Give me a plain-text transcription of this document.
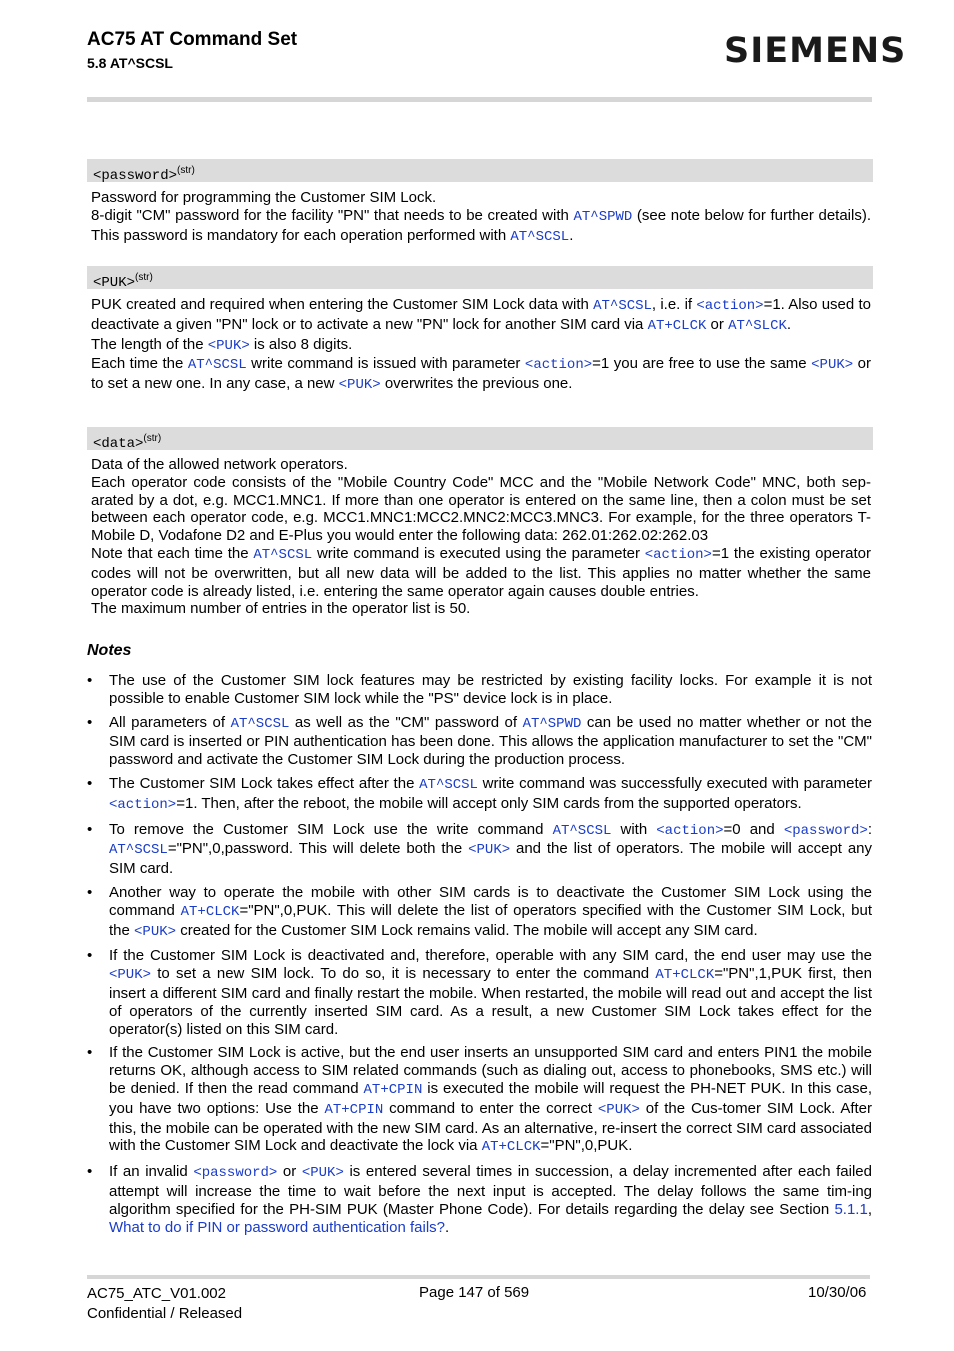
AC75 AT Command Set
5.8 AT^SCSL	SIEMENS
<password>$^{(str)}$

Password for programming the Customer SIM Lock.

8-digit "CM" password for the facility "PN" that needs to be created with AT^SPWD (see note below for further details). This password is mandatory for each operation performed with AT^SCSL.

<PUK>$^{(str)}$

PUK created and required when entering the Customer SIM Lock data with AT^SCSL, i.e. if <action>=1. Also used to deactivate a given "PN" lock or to activate a new "PN" lock for another SIM card via AT+CLCK or AT^SLCK.

The length of the <PUK> is also 8 digits.

Each time the AT^SCSL write command is issued with parameter <action>=1 you are free to use the same <PUK> or to set a new one. In any case, a new <PUK> overwrites the previous one.

<data>$^{(str)}$

Data of the allowed network operators.

Each operator code consists of the "Mobile Country Code" MCC and the "Mobile Network Code" MNC, both sep-arated by a dot, e.g. MCC1.MNC1. If more than one operator is entered on the same line, then a colon must be set between each operator code, e.g. MCC1.MNC1:MCC2.MNC2:MCC3.MNC3. For example, for the three operators T-Mobile D, Vodafone D2 and E-Plus you would enter the following data: 262.01:262.02:262.03

Note that each time the AT^SCSL write command is executed using the parameter <action>=1 the existing operator codes will not be overwritten, but all new data will be added to the list. This applies no matter whether the same operator code is already listed, i.e. entering the same operator again causes double entries.

The maximum number of entries in the operator list is 50.

Notes
• The use of the Customer SIM lock features may be restricted by existing facility locks. For example it is not possible to enable Customer SIM lock while the "PS" device lock is in place.
• All parameters of AT^SCSL as well as the "CM" password of AT^SPWD can be used no matter whether or not the SIM card is inserted or PIN authentication has been done. This allows the application manufacturer to set the "CM" password and activate the Customer SIM Lock during the production process.
• The Customer SIM Lock takes effect after the AT^SCSL write command was successfully executed with parameter <action>=1. Then, after the reboot, the mobile will accept only SIM cards from the supported operators.
• To remove the Customer SIM Lock use the write command AT^SCSL with <action>=0 and <password>: AT^SCSL="PN",0,password. This will delete both the <PUK> and the list of operators. The mobile will accept any SIM card.
• Another way to operate the mobile with other SIM cards is to deactivate the Customer SIM Lock using the command AT+CLCK="PN",0,PUK. This will delete the list of operators specified with the Customer SIM Lock, but the <PUK> created for the Customer SIM Lock remains valid. The mobile will accept any SIM card.
• If the Customer SIM Lock is deactivated and, therefore, operable with any SIM card, the end user may use the <PUK> to set a new SIM lock. To do so, it is necessary to enter the command AT+CLCK="PN",1,PUK first, then insert a different SIM card and finally restart the mobile. When restarted, the mobile will read out and accept the list of operators of the currently inserted SIM card. As a result, a new Customer SIM Lock takes effect for the operator(s) listed on this SIM card.
• If the Customer SIM Lock is active, but the end user inserts an unsupported SIM card and enters PIN1 the mobile returns OK, although access to SIM related commands (such as dialing out, access to phonebooks, SMS etc.) will be denied. If then the read command AT+CPIN is executed the mobile will request the PH-NET PUK. In this case, you have two options: Use the AT+CPIN command to enter the correct <PUK> of the Cus-tomer SIM Lock. After this, the mobile can be operated with the new SIM card. As an alternative, re-insert the correct SIM card associated with the Customer SIM Lock and deactivate the lock via AT+CLCK="PN",0,PUK.
• If an invalid <password> or <PUK> is entered several times in succession, a delay incremented after each failed attempt will increase the time to wait before the next input is accepted. The delay follows the same tim-ing algorithm specified for the PH-SIM PUK (Master Phone Code). For details regarding the delay see Section 5.1.1, What to do if PIN or password authentication fails?.
AC75_ATC_V01.002
Confidential / Released
Page 147 of 569	10/30/06
